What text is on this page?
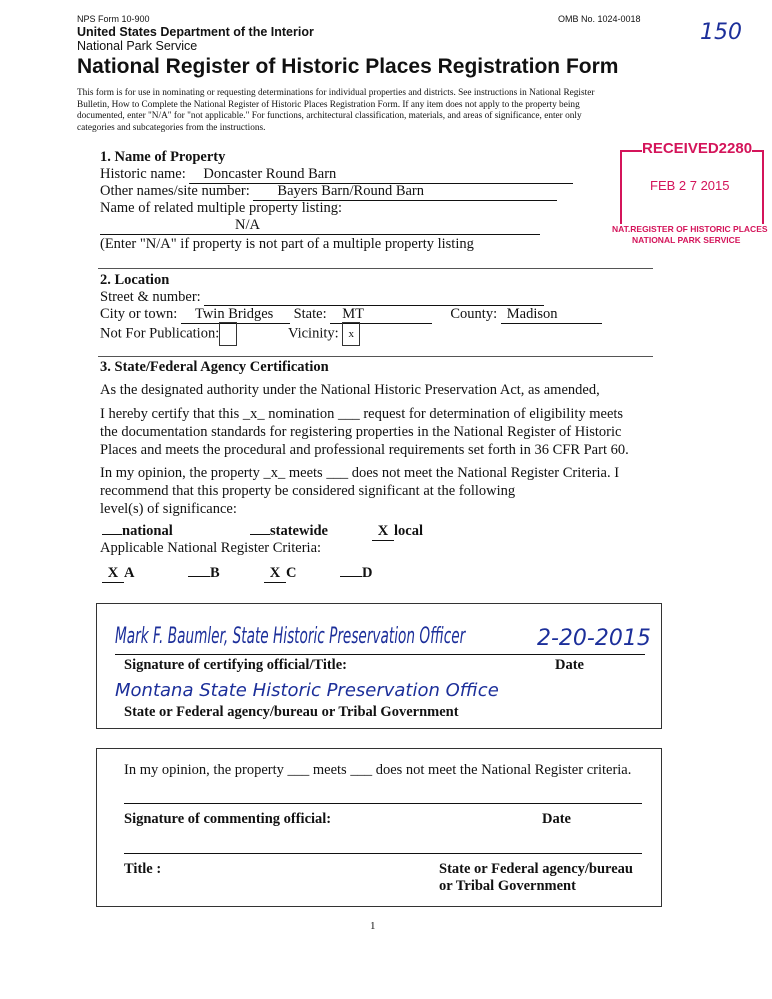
NPS Form 10-900	OMB No. 1024-0018
150
United States Department of the Interior
National Park Service
National Register of Historic Places Registration Form
This form is for use in nominating or requesting determinations for individual properties and districts. See instructions in National Register
Bulletin, How to Complete the National Register of Historic Places Registration Form. If any item does not apply to the property being
documented, enter "N/A" for "not applicable." For functions, architectural classification, materials, and areas of significance, enter only
categories and subcategories from the instructions.
RECEIVED2280
FEB 2 7 2015
NAT.REGISTER OF HISTORIC PLACES
NATIONAL PARK SERVICE
1. Name of Property
Historic name: Doncaster Round Barn
Other names/site number: Bayers Barn/Round Barn
Name of related multiple property listing:
N/A
(Enter "N/A" if property is not part of a multiple property listing
2. Location
Street & number:
City or town: Twin Bridges State: MT	County: Madison
Not For Publication:	Vicinity: x
3. State/Federal Agency Certification
As the designated authority under the National Historic Preservation Act, as amended,
I hereby certify that this _x_ nomination ___ request for determination of eligibility meets
the documentation standards for registering properties in the National Register of Historic
Places and meets the procedural and professional requirements set forth in 36 CFR Part 60.
In my opinion, the property _x_ meets ___ does not meet the National Register Criteria. I
recommend that this property be considered significant at the following
level(s) of significance:
national	statewide	X local
Applicable National Register Criteria:
X A	B	X C	D
Mark F. Baumler, State Historic Preservation Officer	2-20-2015
Signature of certifying official/Title:	Date
Montana State Historic Preservation Office
State or Federal agency/bureau or Tribal Government
In my opinion, the property ___ meets ___ does not meet the National Register criteria.
Signature of commenting official:	Date
Title :	State or Federal agency/bureau
or Tribal Government
1
